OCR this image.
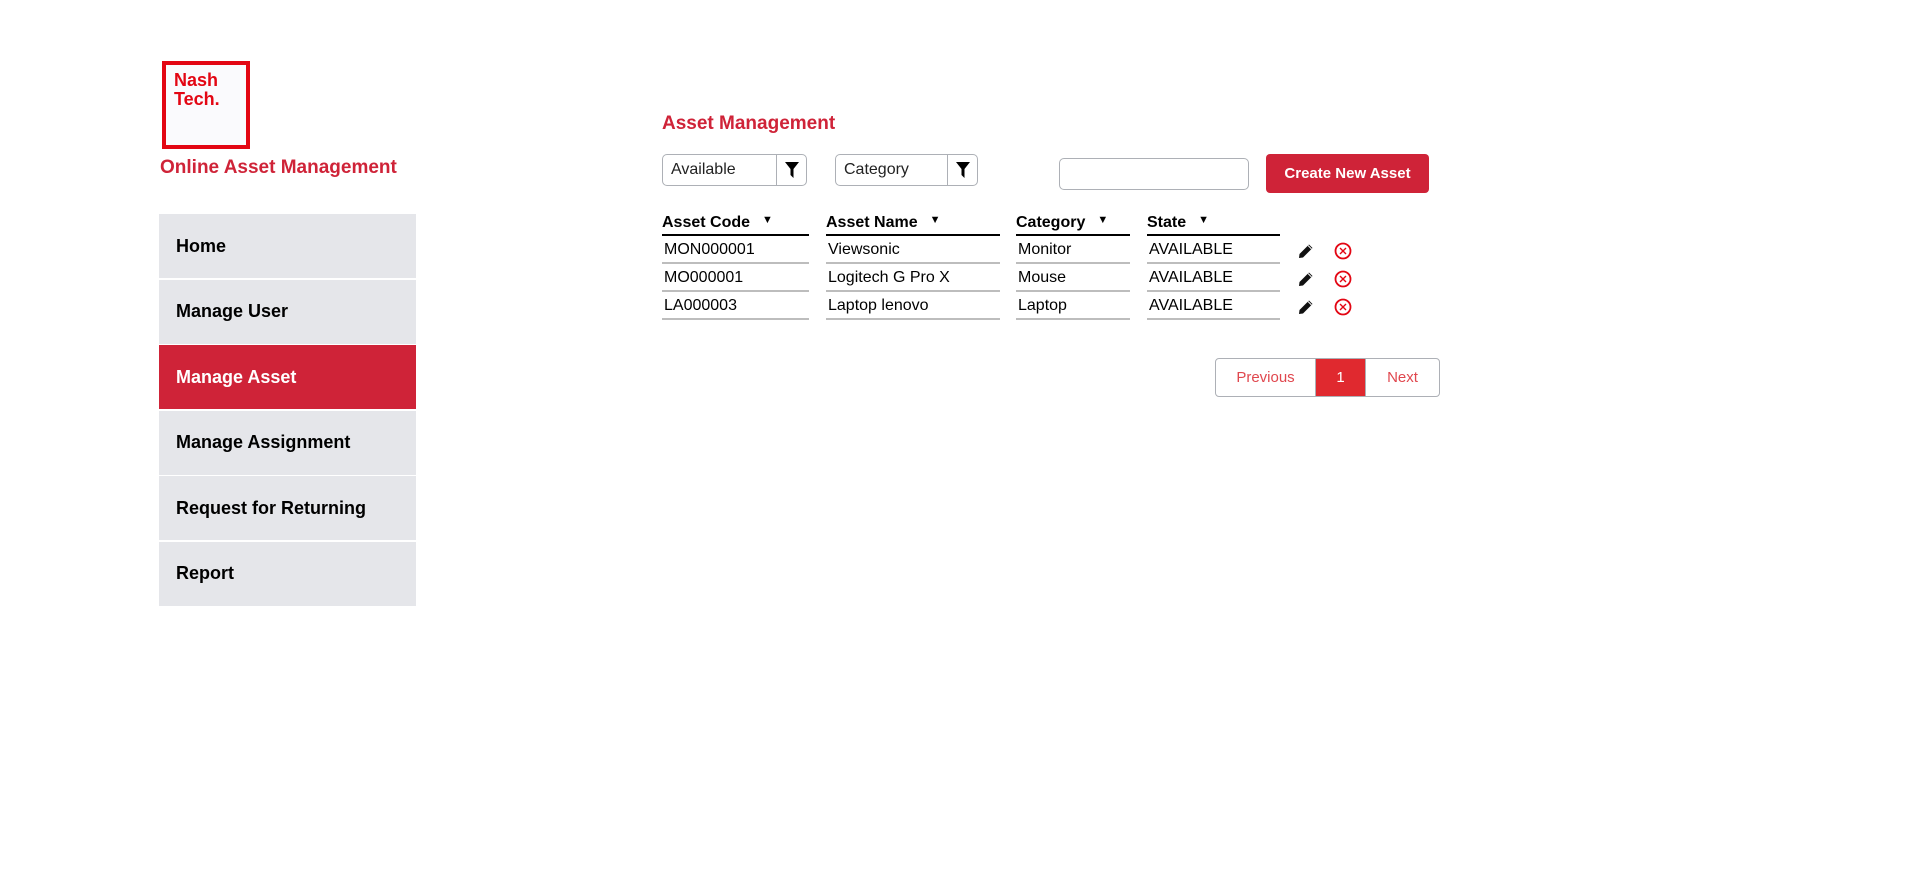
Nash
Tech.
Online Asset Management
Home
Manage User
Manage Asset
Manage Assignment
Request for Returning
Report
Asset Management
Available	Category	Create New Asset
Asset Code ▼	Asset Name ▼	Category ▼ State ▼
MON000001	Viewsonic	Monitor	AVAILABLE
MO000001	Logitech G Pro X	Mouse	AVAILABLE
LA000003	Laptop lenovo	Laptop	AVAILABLE
Previous	1	Next
